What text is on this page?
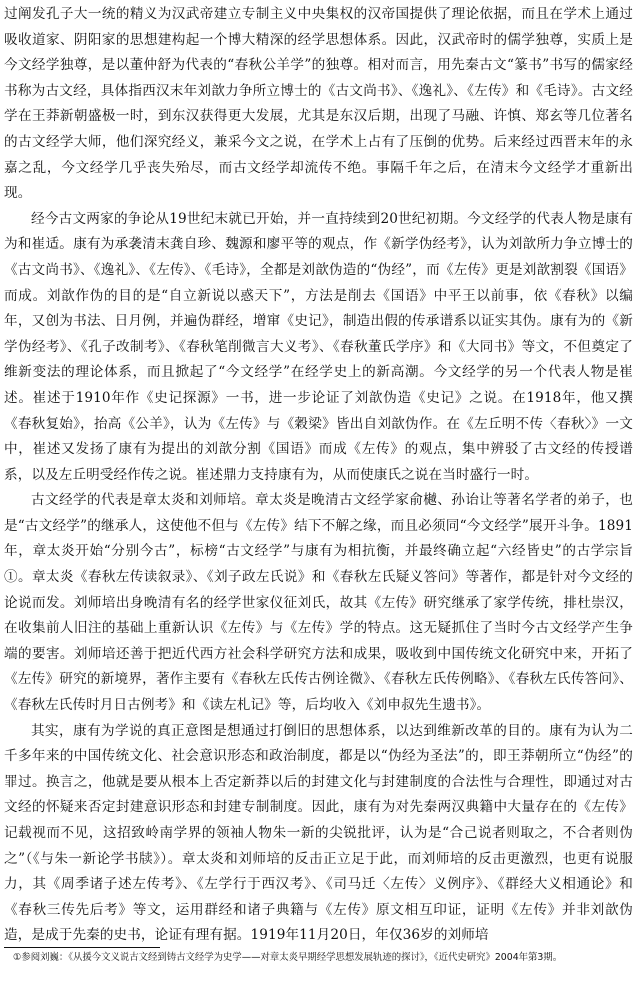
过阐发孔子大一统的精义为汉武帝建立专制主义中央集权的汉帝国提供了理论依据，而且在学术上通过吸收道家、阴阳家的思想建构起一个博大精深的经学思想体系。因此，汉武帝时的儒学独尊，实质上是今文经学独尊，是以董仲舒为代表的“春秋公羊学”的独尊。相对而言，用先秦古文“篆书”书写的儒家经书称为古文经，具体指西汉末年刘歆力争所立博士的《古文尚书》、《逸礼》、《左传》和《毛诗》。古文经学在王莽新朝盛极一时，到东汉获得更大发展，尤其是东汉后期，出现了马融、许慎、郑玄等几位著名的古文经学大师，他们深究经义，兼采今文之说，在学术上占有了压倒的优势。后来经过西晋末年的永嘉之乱，今文经学几乎丧失殆尽，而古文经学却流传不绝。事隔千年之后，在清末今文经学才重新出现。

经今古文两家的争论从19世纪末就已开始，并一直持续到20世纪初期。今文经学的代表人物是康有为和崔适。康有为承袭清末龚自珍、魏源和廖平等的观点，作《新学伪经考》，认为刘歆所力争立博士的《古文尚书》、《逸礼》、《左传》、《毛诗》，全都是刘歆伪造的“伪经”，而《左传》更是刘歆割裂《国语》而成。刘歆作伪的目的是“自立新说以惑天下”，方法是削去《国语》中平王以前事，依《春秋》以编年，又创为书法、日月例，并遍伪群经，增窜《史记》，制造出假的传承谱系以证实其伪。康有为的《新学伪经考》、《孔子改制考》、《春秋笔削微言大义考》、《春秋董氏学序》和《大同书》等文，不但奠定了维新变法的理论体系，而且掀起了“今文经学”在经学史上的新高潮。今文经学的另一个代表人物是崔述。崔述于1910年作《史记探源》一书，进一步论证了刘歆伪造《史记》之说。在1918年，他又撰《春秋复始》，抬高《公羊》，认为《左传》与《穀梁》皆出自刘歆伪作。在《左丘明不传〈春秋〉》一文中，崔述又发扬了康有为提出的刘歆分割《国语》而成《左传》的观点，集中辨驳了古文经的传授谱系，以及左丘明受经作传之说。崔述鼎力支持康有为，从而使康氏之说在当时盛行一时。

古文经学的代表是章太炎和刘师培。章太炎是晚清古文经学家俞樾、孙诒让等著名学者的弟子，也是“古文经学”的继承人，这使他不但与《左传》结下不解之缘，而且必须同“今文经学”展开斗争。1891年，章太炎开始“分别今古”，标榜“古文经学”与康有为相抗衡，并最终确立起“六经皆史”的古学宗旨①。章太炎《春秋左传读叙录》、《刘子政左氏说》和《春秋左氏疑义答问》等著作，都是针对今文经的论说而发。刘师培出身晚清有名的经学世家仪征刘氏，故其《左传》研究继承了家学传统，排杜崇汉，在收集前人旧注的基础上重新认识《左传》与《左传》学的特点。这无疑抓住了当时今古文经学产生争端的要害。刘师培还善于把近代西方社会科学研究方法和成果，吸收到中国传统文化研究中来，开拓了《左传》研究的新境界，著作主要有《春秋左氏传古例诠微》、《春秋左氏传例略》、《春秋左氏传答问》、《春秋左氏传时月日古例考》和《读左札记》等，后均收入《刘申叔先生遗书》。

其实，康有为学说的真正意图是想通过打倒旧的思想体系，以达到维新改革的目的。康有为认为二千多年来的中国传统文化、社会意识形态和政治制度，都是以“伪经为圣法”的，即王莽朝所立“伪经”的罪过。换言之，他就是要从根本上否定新莽以后的封建文化与封建制度的合法性与合理性，即通过对古文经的怀疑来否定封建意识形态和封建专制制度。因此，康有为对先秦两汉典籍中大量存在的《左传》记载视而不见，这招致岭南学界的领袖人物朱一新的尖锐批评，认为是“合己说者则取之，不合者则伪之”（《与朱一新论学书牍》）。章太炎和刘师培的反击正立足于此，而刘师培的反击更激烈，也更有说服力，其《周季诸子述左传考》、《左学行于西汉考》、《司马迁〈左传〉义例序》、《群经大义相通论》和《春秋三传先后考》等文，运用群经和诸子典籍与《左传》原文相互印证，证明《左传》并非刘歆伪造，是成于先秦的史书，论证有理有据。1919年11月20日，年仅36岁的刘师培

①参阅刘巍：《从援今文义说古文经到铸古文经学为史学——对章太炎早期经学思想发展轨迹的探讨》，《近代史研究》2004年第3期。
